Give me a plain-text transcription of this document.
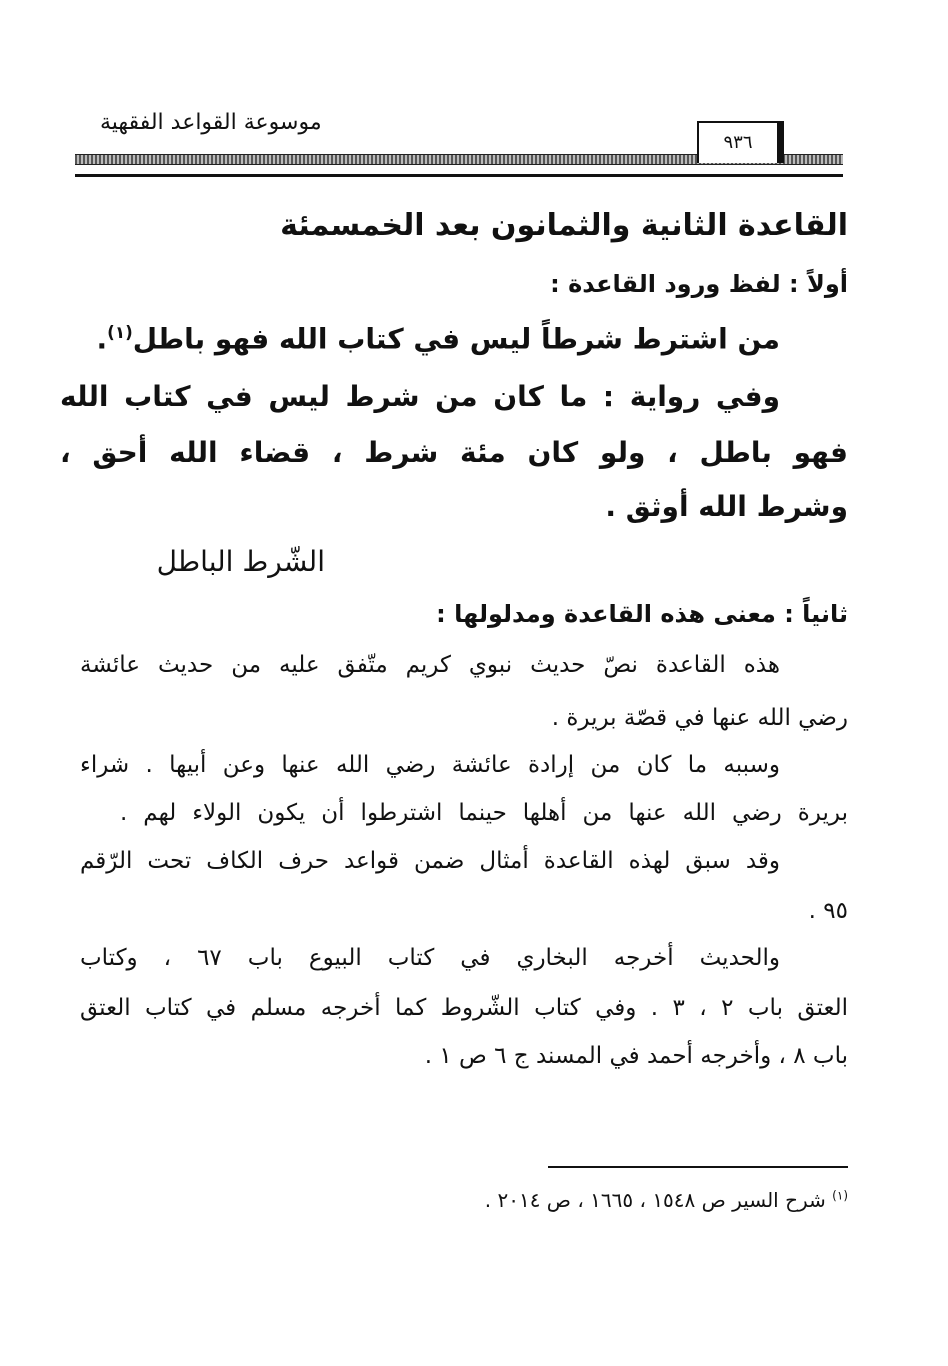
موسوعة القواعد الفقهية
٩٣٦
القاعدة الثانية والثمانون بعد الخمسمئة
أولاً : لفظ ورود القاعدة :
من اشترط شرطاً ليس في كتاب الله فهو باطل$^{(١)}$.
وفي رواية : ما كان من شرط ليس في كتاب الله
فهو باطل ، ولو كان مئة شرط ، قضاء الله أحق ،
وشرط الله أوثق .
الشّرط الباطل
ثانياً : معنى هذه القاعدة ومدلولها :
هذه القاعدة نصّ حديث نبوي كريم متّفق عليه من حديث عائشة
رضي الله عنها في قصّة بريرة .
وسببه ما كان من إرادة عائشة رضي الله عنها وعن أبيها . شراء
بريرة رضي الله عنها من أهلها حينما اشترطوا أن يكون الولاء لهم .
وقد سبق لهذه القاعدة أمثال ضمن قواعد حرف الكاف تحت الرّقم
٩٥ .
والحديث أخرجه البخاري في كتاب البيوع باب ٦٧ ، وكتاب
العتق باب ٢ ، ٣ . وفي كتاب الشّروط كما أخرجه مسلم في كتاب العتق
باب ٨ ، وأخرجه أحمد في المسند ج ٦ ص ١ .
$^{(١)}$ شرح السير ص ١٥٤٨ ، ١٦٦٥ ، ص ٢٠١٤ .
